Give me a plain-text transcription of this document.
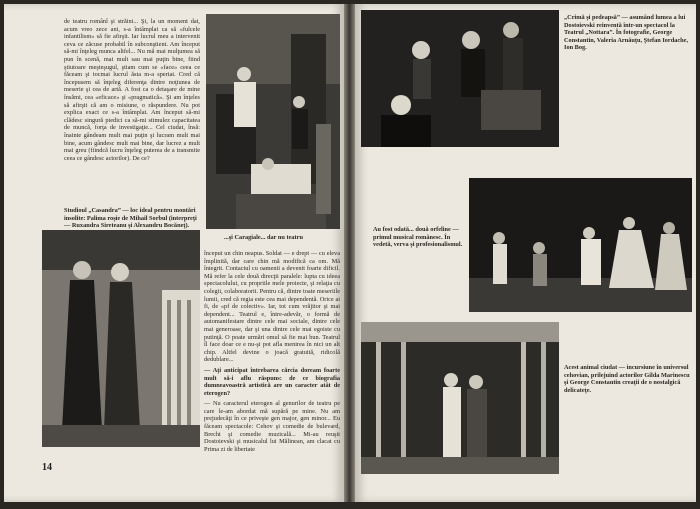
de teatru românî şi străini... Şi, la un moment dat, acum vreo zece ani, s-a întâmplat ca să «fulcele infantilism» să fie afirşit. Iar lucrul meu a intervenit ceva ce zăcuse probabil în subconştient. Am început să-mi înţeleg munca altfel... Nu mă mai mulţumea să pun în scenă, mai mult sau mai puţin bine, fiind ştiutoare meşteşugul, ştiam cum se «face» ceea ce făceam şi tocmai lucrul ăsta m-a speriat. Cred că începusem să înţeleg diferenţa dintre noţiunea de meserie şi cea de artă. A fost ca o detaşare de mine însămi, cea «eficace» şi «pragmatică». Şi am înţeles să afirşit că am o misiune, o răspundere. Nu pot explica exact ce s-a întâmplat. Am început să-mi clădesc singură piedici ca să-mi stimulez capacitatea de muncă, forţa de investigaţie... Cel ciudat, însă: înainte gândeam mult mai puţin şi lucram mult mai bine, acum gândesc mult mai bine, dar lucrez a mult mai greu (fiindcă lucru înţeleg puterea de a transmite ceea ce gândesc actorilor). De ce?

...şi Caragiale... dar nu teatru
Studioul „Casandra” — loc ideal pentru montări insolite: Palima roşie de Mihail Sorbul (interpreţi — Ruxandra Sireteanu şi Alexandru Bocăneţ).

început un chin neapus. Soldat — e drept — cu eleva împlinită, dar care chin mă modifică ca om. Mă întegrit. Contactul cu oamenii a devenit foarte dificil. Mă refer la cele două direcţii paralele: lupta cu ideea spectacolului, cu propriile mele proiecte, şi relaţia cu colegii, colaboratorii. Pentru că, dintre toate meseriile lumii, cred că regia este cea mai dependentă. Orice ai fi, de «pf de colectiv». Iar, tot cum vrăjitor şi mai dependent... Teatrul e, între-adevăr, o formă de automanifestare dintre cele mai sociale, dintre cele mai generoase, dar şi una dintre cele mai egoiste cu putinţă. O poate urmări omul să fie mai bun. Teatrul îl face doar ce e nu-şi pot afla menirea în nici un alt chip. Altfel devine o joacă gratuită, ridicolă dedublare...

— Aţi anticipat întrebarea cărcia doream foarte mult să-i aflu răspuns: de ce biografia dumneavoastră artistică are un caracter atât de eterogen?

— Nu caracterul eterogen al genurilor de teatru pe care le-am abordat mă supără pe mine. Nu am prejudecăţi în ce priveşte gen major, gen minor... Eu făceam spectacole: Cehov şi comedie de bulevard, Brecht şi comedie muzicală... Mi-au reuşit Dostoievski şi musicalul lui Mălinean, am clacat cu Prima zi de libertate

14
„Crimă şi pedeapsă” — asumând lumea a lui Dostoievski reinventă într-un spectacol la Teatrul „Nottara”. În fotografie, George Constantin, Valeria Arnăuţu, Ştefan Iordache, Ion Bog.
Au fost odată... două orfeline — primul musical românesc. În vedetă, verva şi profesionalismul.
Acest animal ciudat — incursiune în universul cehovian, prilejuind actorilor Gilda Marinescu şi George Constantin creaţii de o nostalgică delicateţe.
